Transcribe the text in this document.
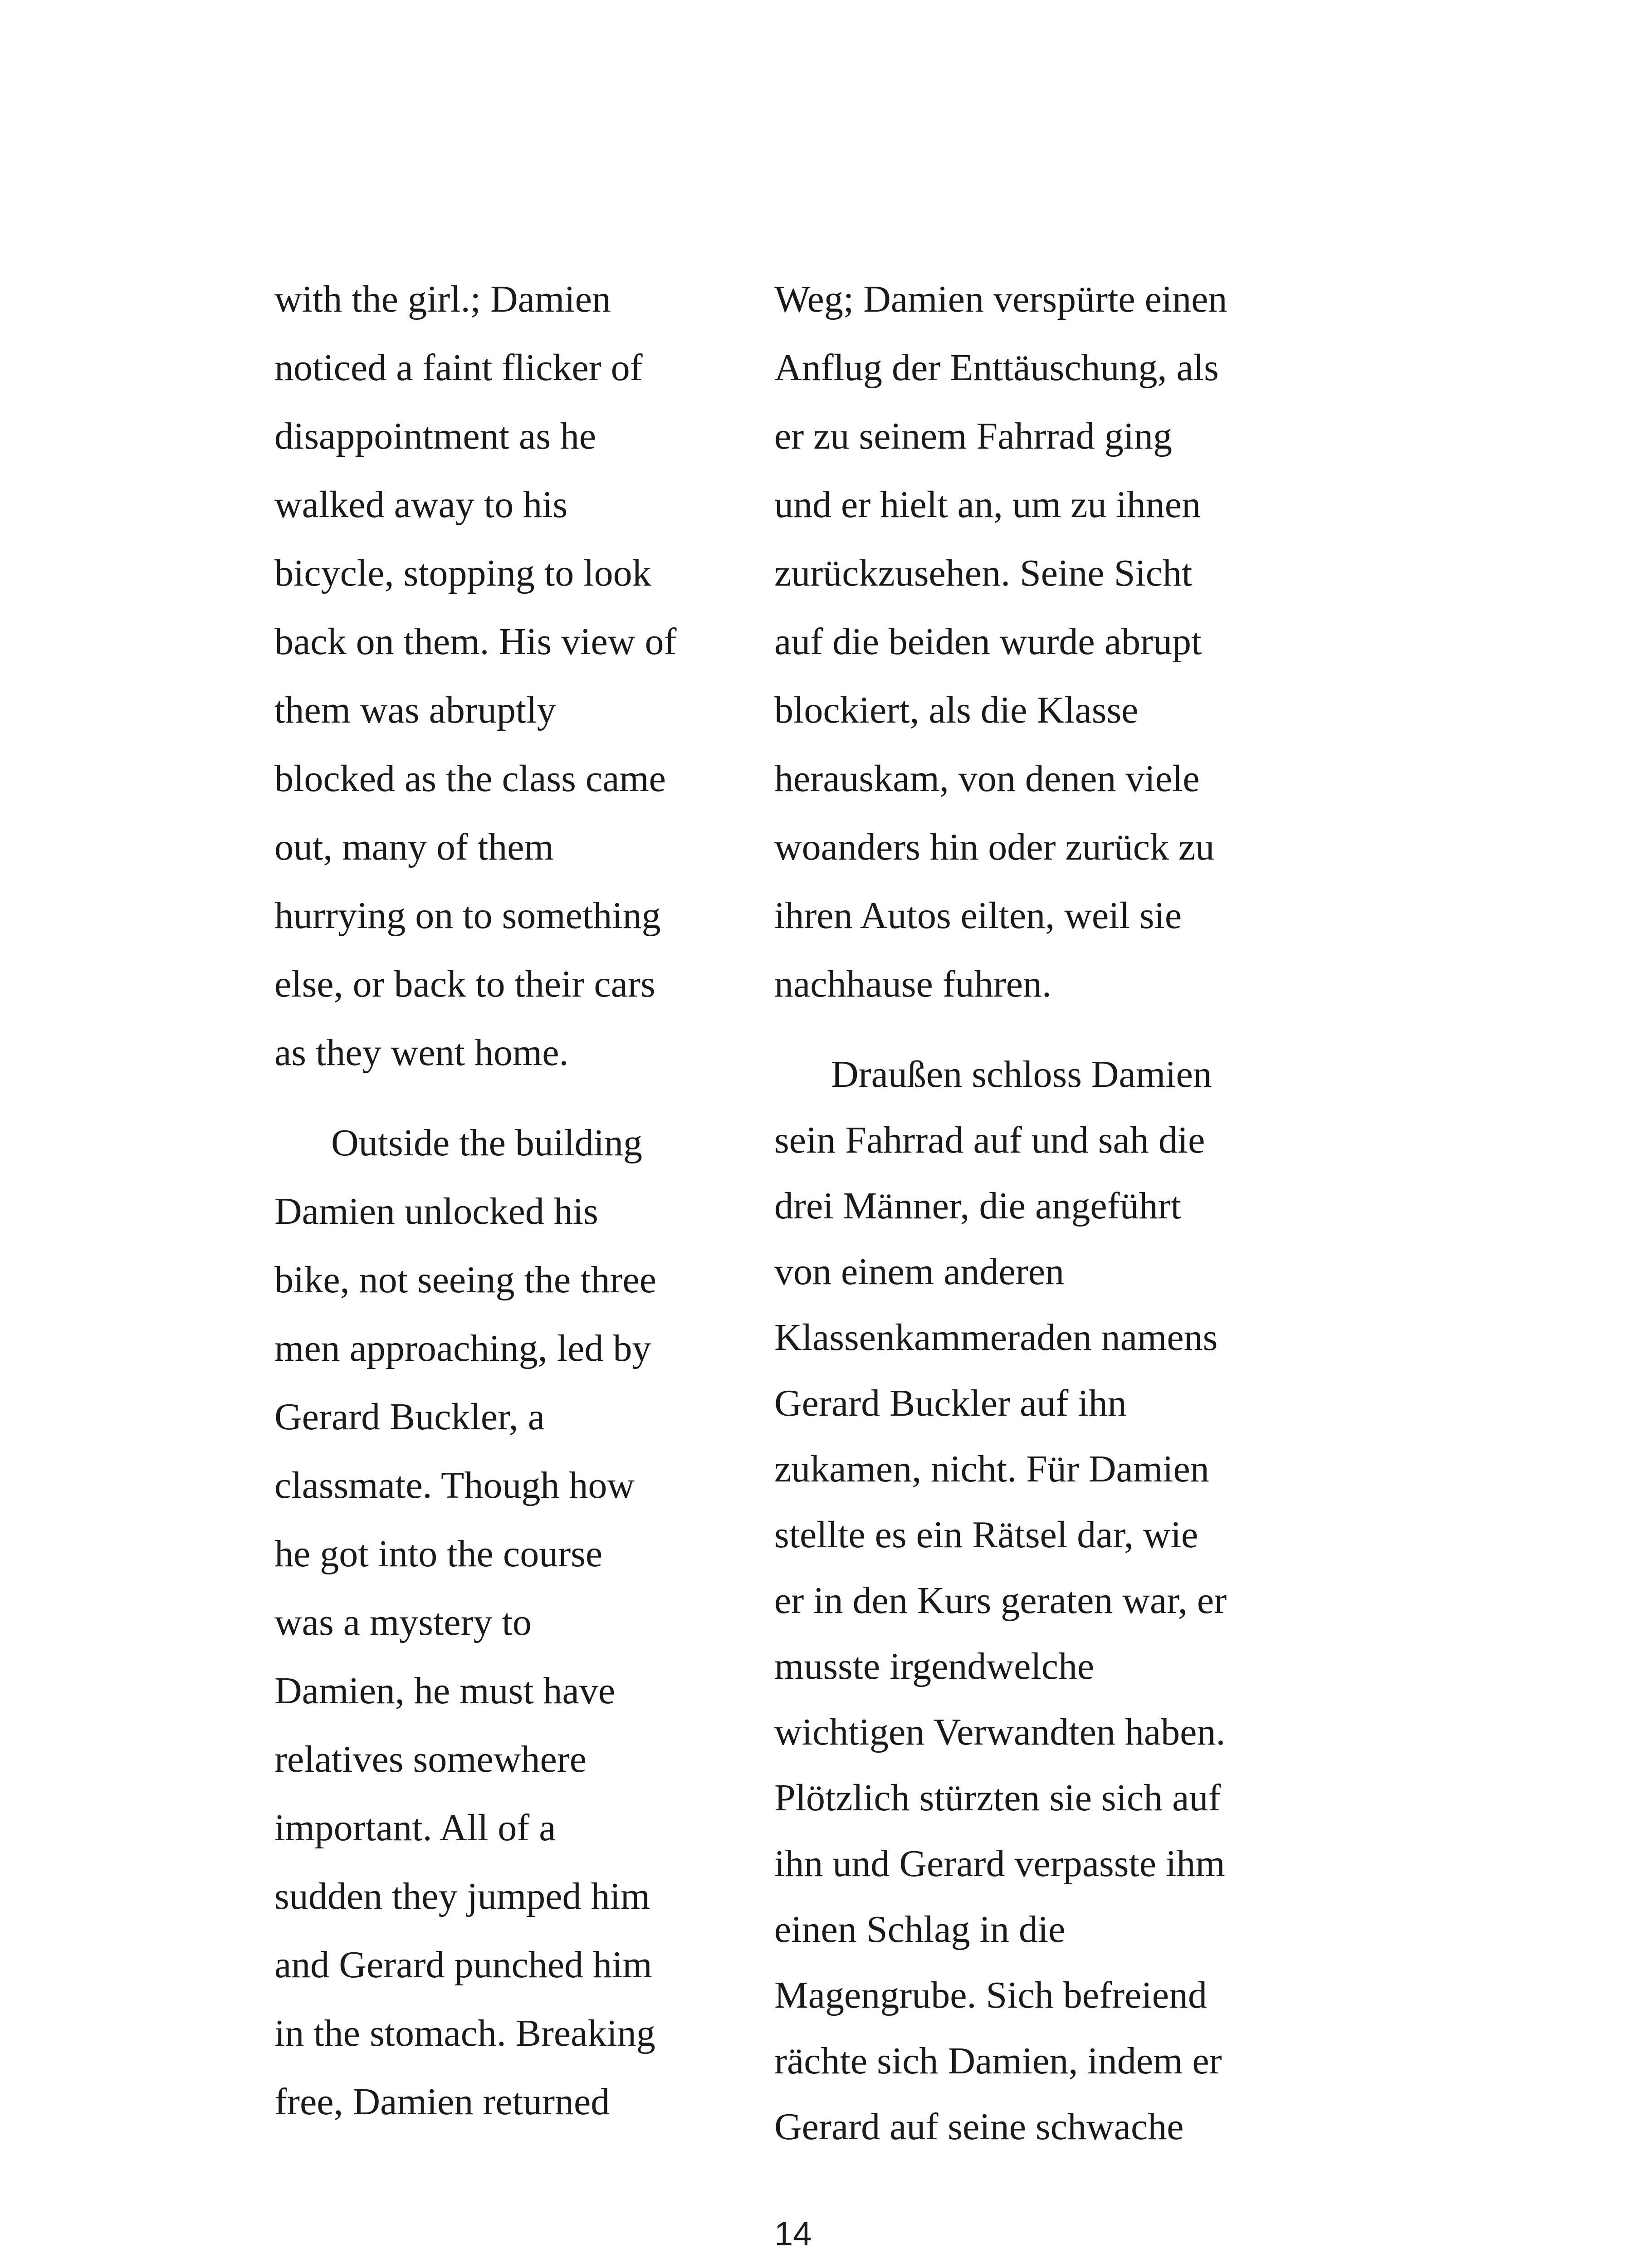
with the girl.; Damien
noticed a faint flicker of
disappointment as he
walked away to his
bicycle, stopping to look
back on them. His view of
them was abruptly
blocked as the class came
out, many of them
hurrying on to something
else, or back to their cars
as they went home.
Outside the building
Damien unlocked his
bike, not seeing the three
men approaching, led by
Gerard Buckler, a
classmate. Though how
he got into the course
was a mystery to
Damien, he must have
relatives somewhere
important. All of a
sudden they jumped him
and Gerard punched him
in the stomach. Breaking
free, Damien returned
Weg; Damien verspürte einen
Anflug der Enttäuschung, als
er zu seinem Fahrrad ging
und er hielt an, um zu ihnen
zurückzusehen. Seine Sicht
auf die beiden wurde abrupt
blockiert, als die Klasse
herauskam, von denen viele
woanders hin oder zurück zu
ihren Autos eilten, weil sie
nachhause fuhren.
Draußen schloss Damien
sein Fahrrad auf und sah die
drei Männer, die angeführt
von einem anderen
Klassenkammeraden namens
Gerard Buckler auf ihn
zukamen, nicht. Für Damien
stellte es ein Rätsel dar, wie
er in den Kurs geraten war, er
musste irgendwelche
wichtigen Verwandten haben.
Plötzlich stürzten sie sich auf
ihn und Gerard verpasste ihm
einen Schlag in die
Magengrube. Sich befreiend
rächte sich Damien, indem er
Gerard auf seine schwache
14
